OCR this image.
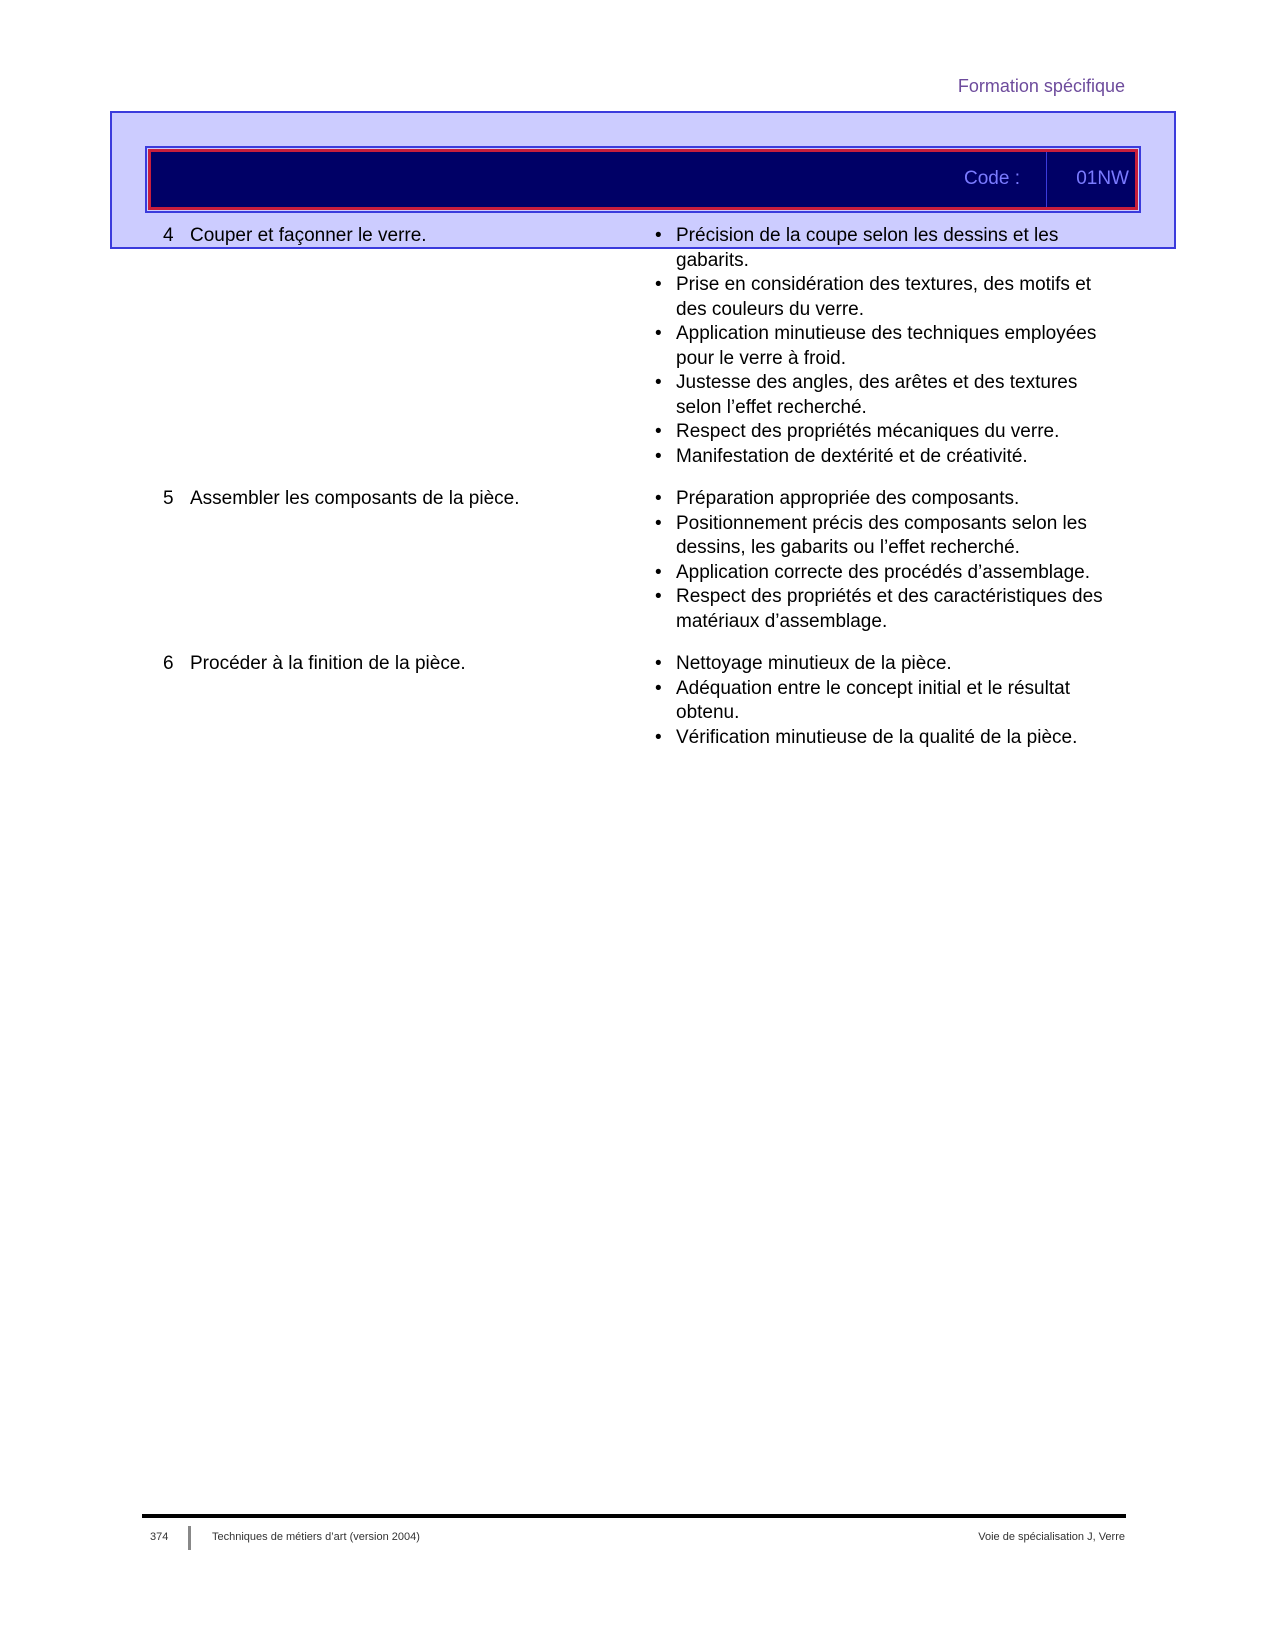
Formation spécifique
Code :	01NW
4 Couper et façonner le verre.	• Précision de la coupe selon les dessins et les gabarits.
• Prise en considération des textures, des motifs et des couleurs du verre.
• Application minutieuse des techniques employées pour le verre à froid.
• Justesse des angles, des arêtes et des textures selon l’effet recherché.
• Respect des propriétés mécaniques du verre.
• Manifestation de dextérité et de créativité.
5 Assembler les composants de la pièce.	• Préparation appropriée des composants.
• Positionnement précis des composants selon les dessins, les gabarits ou l’effet recherché.
• Application correcte des procédés d’assemblage.
• Respect des propriétés et des caractéristiques des matériaux d’assemblage.
6 Procéder à la finition de la pièce.	• Nettoyage minutieux de la pièce.
• Adéquation entre le concept initial et le résultat obtenu.
• Vérification minutieuse de la qualité de la pièce.
374	Techniques de métiers d’art (version 2004)	Voie de spécialisation J, Verre
